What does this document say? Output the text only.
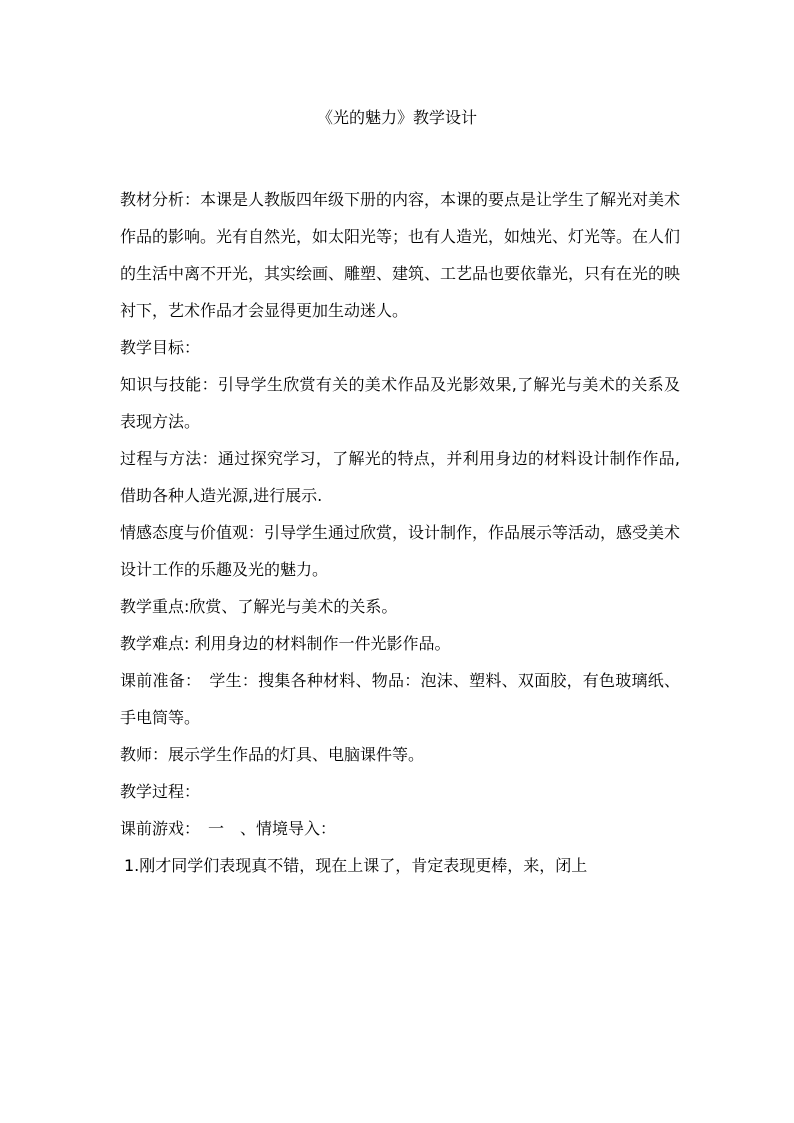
《光的魅力》教学设计

教材分析：本课是人教版四年级下册的内容，本课的要点是让学生了解光对美术作品的影响。光有自然光，如太阳光等；也有人造光，如烛光、灯光等。在人们的生活中离不开光，其实绘画、雕塑、建筑、工艺品也要依靠光，只有在光的映衬下，艺术作品才会显得更加生动迷人。

教学目标：

知识与技能：引导学生欣赏有关的美术作品及光影效果,了解光与美术的关系及表现方法。

过程与方法：通过探究学习，了解光的特点，并利用身边的材料设计制作作品,借助各种人造光源,进行展示.

情感态度与价值观：引导学生通过欣赏，设计制作，作品展示等活动，感受美术设计工作的乐趣及光的魅力。

教学重点:欣赏、了解光与美术的关系。

教学难点: 利用身边的材料制作一件光影作品。

课前准备：　学生：搜集各种材料、物品：泡沫、塑料、双面胶，有色玻璃纸、手电筒等。

教师：展示学生作品的灯具、电脑课件等。

教学过程：

课前游戏：　一　、情境导入：

1.刚才同学们表现真不错，现在上课了，肯定表现更棒，来，闭上
